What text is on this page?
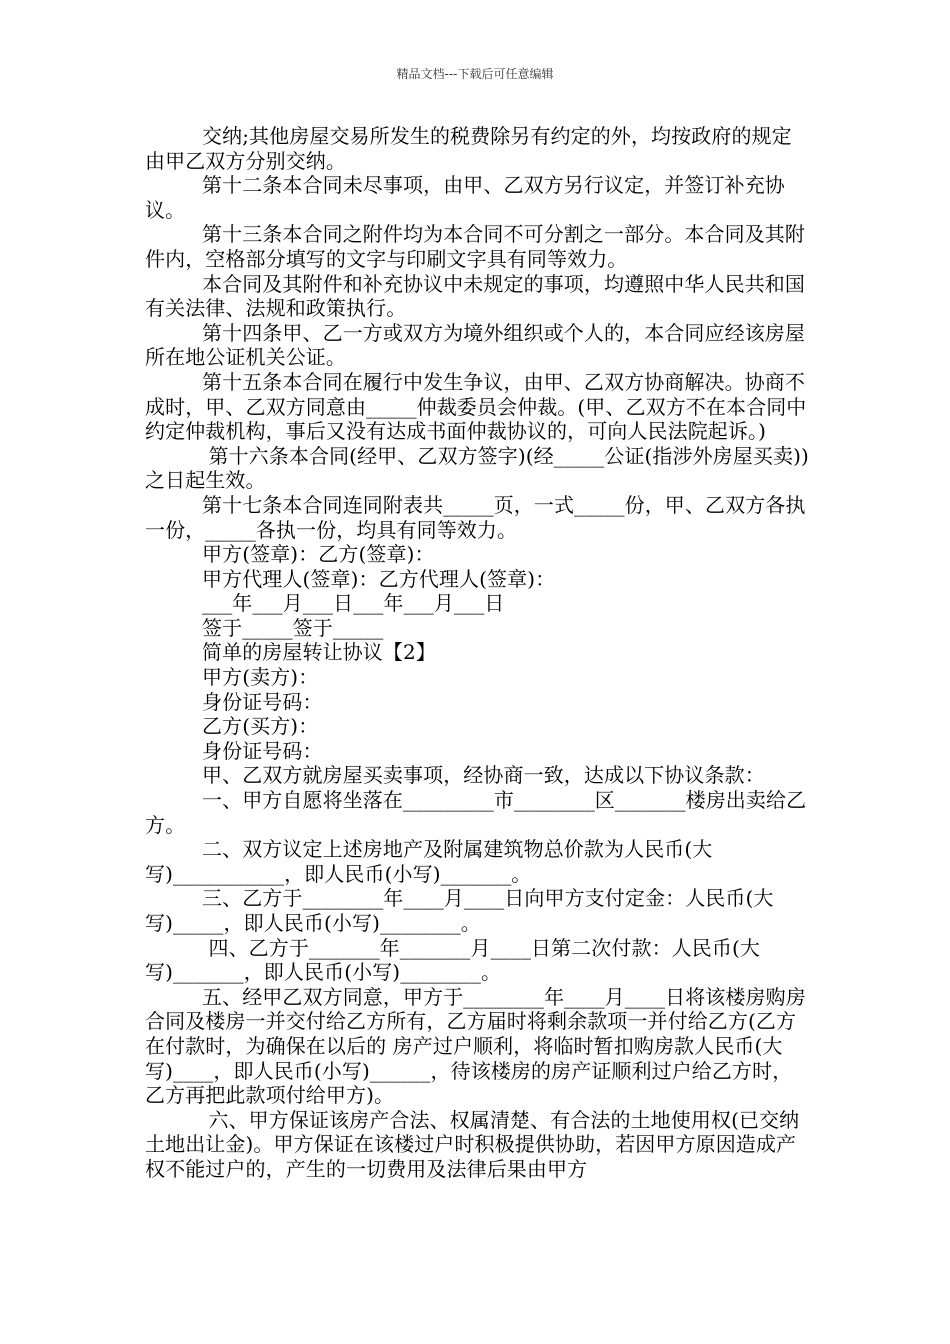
精品文档---下载后可任意编辑

交纳;其他房屋交易所发生的税费除另有约定的外，均按政府的规定由甲乙双方分别交纳。

第十二条本合同未尽事项，由甲、乙双方另行议定，并签订补充协议。

第十三条本合同之附件均为本合同不可分割之一部分。本合同及其附件内，空格部分填写的文字与印刷文字具有同等效力。

本合同及其附件和补充协议中未规定的事项，均遵照中华人民共和国有关法律、法规和政策执行。

第十四条甲、乙一方或双方为境外组织或个人的，本合同应经该房屋所在地公证机关公证。

第十五条本合同在履行中发生争议，由甲、乙双方协商解决。协商不成时，甲、乙双方同意由_____仲裁委员会仲裁。(甲、乙双方不在本合同中约定仲裁机构，事后又没有达成书面仲裁协议的，可向人民法院起诉。)

第十六条本合同(经甲、乙双方签字)(经_____公证(指涉外房屋买卖))之日起生效。

第十七条本合同连同附表共_____页，一式_____份，甲、乙双方各执一份，_____各执一份，均具有同等效力。

甲方(签章)：乙方(签章)：

甲方代理人(签章)：乙方代理人(签章)：

___年___月___日___年___月___日

签于_____签于_____

简单的房屋转让协议【2】

甲方(卖方)：

身份证号码：

乙方(买方)：

身份证号码：

甲、乙双方就房屋买卖事项，经协商一致，达成以下协议条款：

一、甲方自愿将坐落在_________市________区_______楼房出卖给乙方。

二、双方议定上述房地产及附属建筑物总价款为人民币(大写)___________，即人民币(小写)_______。

三、乙方于________年____月____日向甲方支付定金：人民币(大写)_____，即人民币(小写)________。

四、乙方于_______年_______月____日第二次付款：人民币(大写)_______，即人民币(小写)________。

五、经甲乙双方同意，甲方于________年____月____日将该楼房购房合同及楼房一并交付给乙方所有，乙方届时将剩余款项一并付给乙方(乙方在付款时，为确保在以后的 房产过户顺利，将临时暂扣购房款人民币(大写)____，即人民币(小写)______，待该楼房的房产证顺利过户给乙方时，乙方再把此款项付给甲方)。

六、甲方保证该房产合法、权属清楚、有合法的土地使用权(已交纳土地出让金)。甲方保证在该楼过户时积极提供协助，若因甲方原因造成产权不能过户的，产生的一切费用及法律后果由甲方
